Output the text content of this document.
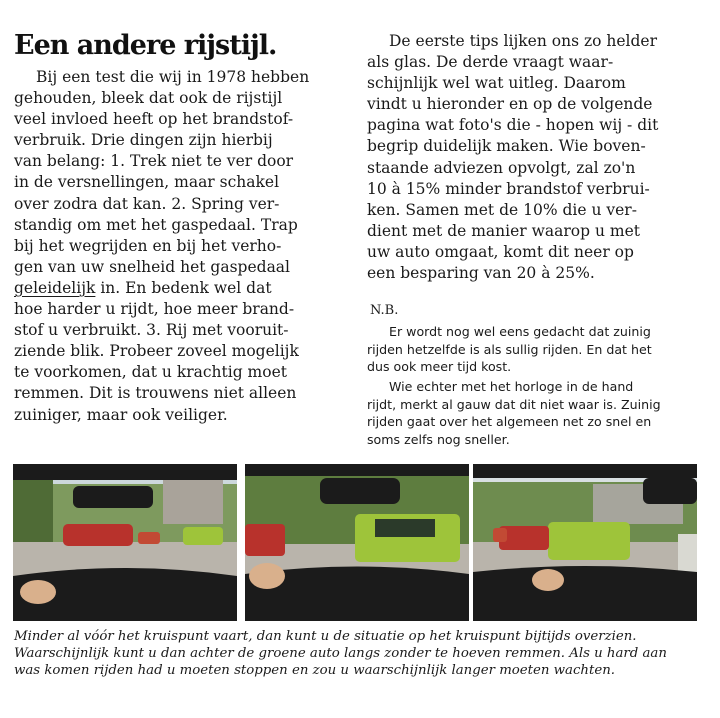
Een andere rijstijl.
Bij een test die wij in 1978 hebben
gehouden, bleek dat ook de rijstijl
veel invloed heeft op het brandstof-
verbruik. Drie dingen zijn hierbij
van belang: 1. Trek niet te ver door
in de versnellingen, maar schakel
over zodra dat kan. 2. Spring ver-
standig om met het gaspedaal. Trap
bij het wegrijden en bij het verho-
gen van uw snelheid het gaspedaal
geleidelijk in. En bedenk wel dat
hoe harder u rijdt, hoe meer brand-
stof u verbruikt. 3. Rij met vooruit-
ziende blik. Probeer zoveel mogelijk
te voorkomen, dat u krachtig moet
remmen. Dit is trouwens niet alleen
zuiniger, maar ook veiliger.
De eerste tips lijken ons zo helder
als glas. De derde vraagt waar-
schijnlijk wel wat uitleg. Daarom
vindt u hieronder en op de volgende
pagina wat foto's die - hopen wij - dit
begrip duidelijk maken. Wie boven-
staande adviezen opvolgt, zal zo'n
10 à 15% minder brandstof verbrui-
ken. Samen met de 10% die u ver-
dient met de manier waarop u met
uw auto omgaat, komt dit neer op
een besparing van 20 à 25%.
N.B.
Er wordt nog wel eens gedacht dat zuinig
rijden hetzelfde is als sullig rijden. En dat het
dus ook meer tijd kost.
Wie echter met het horloge in de hand
rijdt, merkt al gauw dat dit niet waar is. Zuinig
rijden gaat over het algemeen net zo snel en
soms zelfs nog sneller.
Minder al vóór het kruispunt vaart, dan kunt u de situatie op het kruispunt bijtijds overzien.
Waarschijnlijk kunt u dan achter de groene auto langs zonder te hoeven remmen. Als u hard aan
was komen rijden had u moeten stoppen en zou u waarschijnlijk langer moeten wachten.
